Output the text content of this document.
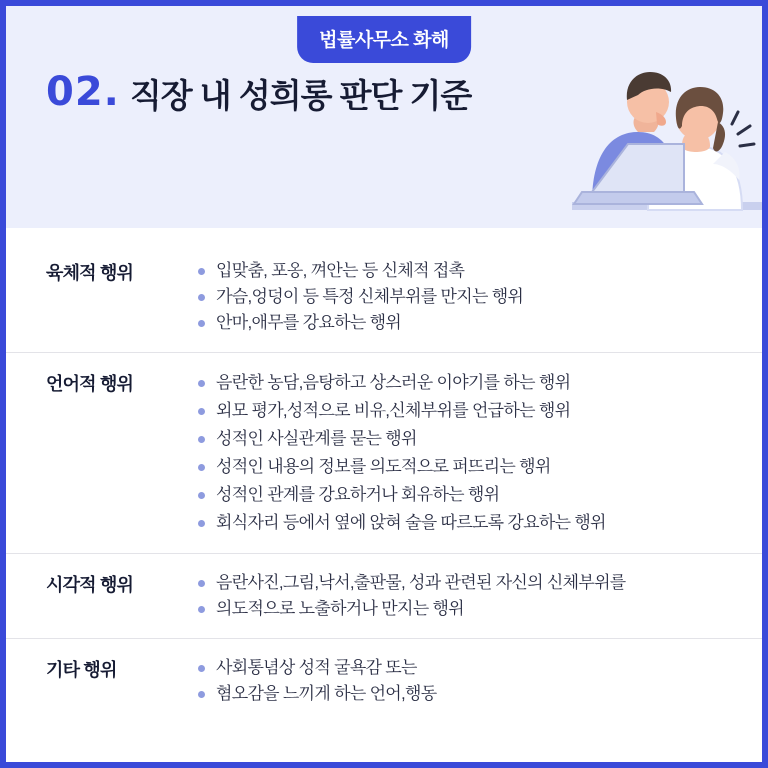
법률사무소 화해
02. 직장 내 성희롱 판단 기준
육체적 행위	입맞춤, 포옹, 껴안는 등 신체적 접촉
가슴,엉덩이 등 특정 신체부위를 만지는 행위
안마,애무를 강요하는 행위
언어적 행위	음란한 농담,음탕하고 상스러운 이야기를 하는 행위
외모 평가,성적으로 비유,신체부위를 언급하는 행위
성적인 사실관계를 묻는 행위
성적인 내용의 정보를 의도적으로 퍼뜨리는 행위
성적인 관계를 강요하거나 회유하는 행위
회식자리 등에서 옆에 앉혀 술을 따르도록 강요하는 행위
시각적 행위	음란사진,그림,낙서,출판물, 성과 관련된 자신의 신체부위를
의도적으로 노출하거나 만지는 행위
기타 행위	사회통념상 성적 굴욕감 또는
혐오감을 느끼게 하는 언어,행동
